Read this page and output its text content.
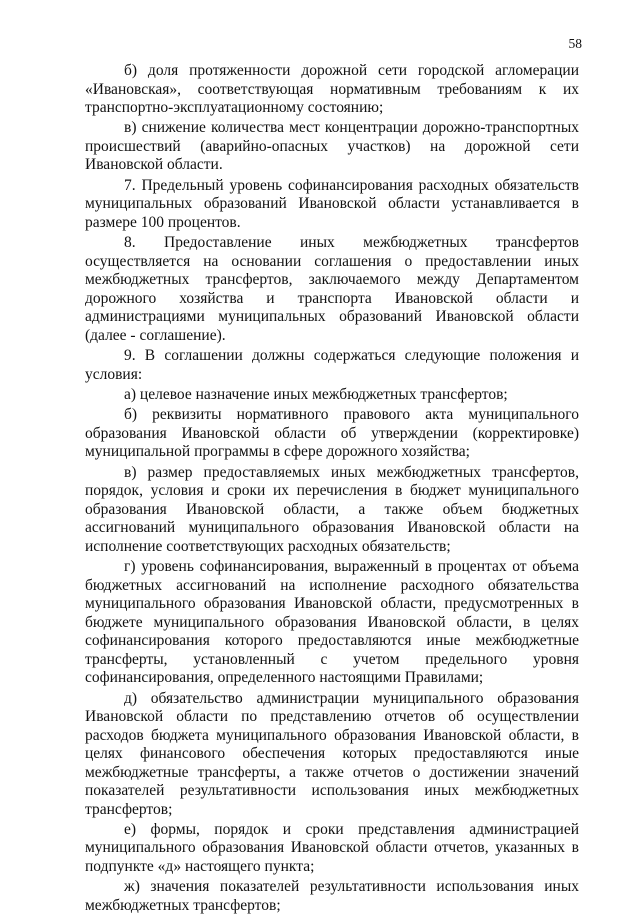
58

б) доля протяженности дорожной сети городской агломерации «Ивановская», соответствующая нормативным требованиям к их транспортно-эксплуатационному состоянию;

в) снижение количества мест концентрации дорожно-транспортных происшествий (аварийно-опасных участков) на дорожной сети Ивановской области.

7. Предельный уровень софинансирования расходных обязательств муниципальных образований Ивановской области устанавливается в размере 100 процентов.

8. Предоставление иных межбюджетных трансфертов осуществляется на основании соглашения о предоставлении иных межбюджетных трансфертов, заключаемого между Департаментом дорожного хозяйства и транспорта Ивановской области и администрациями муниципальных образований Ивановской области (далее - соглашение).

9. В соглашении должны содержаться следующие положения и условия:

а) целевое назначение иных межбюджетных трансфертов;

б) реквизиты нормативного правового акта муниципального образования Ивановской области об утверждении (корректировке) муниципальной программы в сфере дорожного хозяйства;

в) размер предоставляемых иных межбюджетных трансфертов, порядок, условия и сроки их перечисления в бюджет муниципального образования Ивановской области, а также объем бюджетных ассигнований муниципального образования Ивановской области на исполнение соответствующих расходных обязательств;

г) уровень софинансирования, выраженный в процентах от объема бюджетных ассигнований на исполнение расходного обязательства муниципального образования Ивановской области, предусмотренных в бюджете муниципального образования Ивановской области, в целях софинансирования которого предоставляются иные межбюджетные трансферты, установленный с учетом предельного уровня софинансирования, определенного настоящими Правилами;

д) обязательство администрации муниципального образования Ивановской области по представлению отчетов об осуществлении расходов бюджета муниципального образования Ивановской области, в целях финансового обеспечения которых предоставляются иные межбюджетные трансферты, а также отчетов о достижении значений показателей результативности использования иных межбюджетных трансфертов;

е) формы, порядок и сроки представления администрацией муниципального образования Ивановской области отчетов, указанных в подпункте «д» настоящего пункта;

ж) значения показателей результативности использования иных межбюджетных трансфертов;
